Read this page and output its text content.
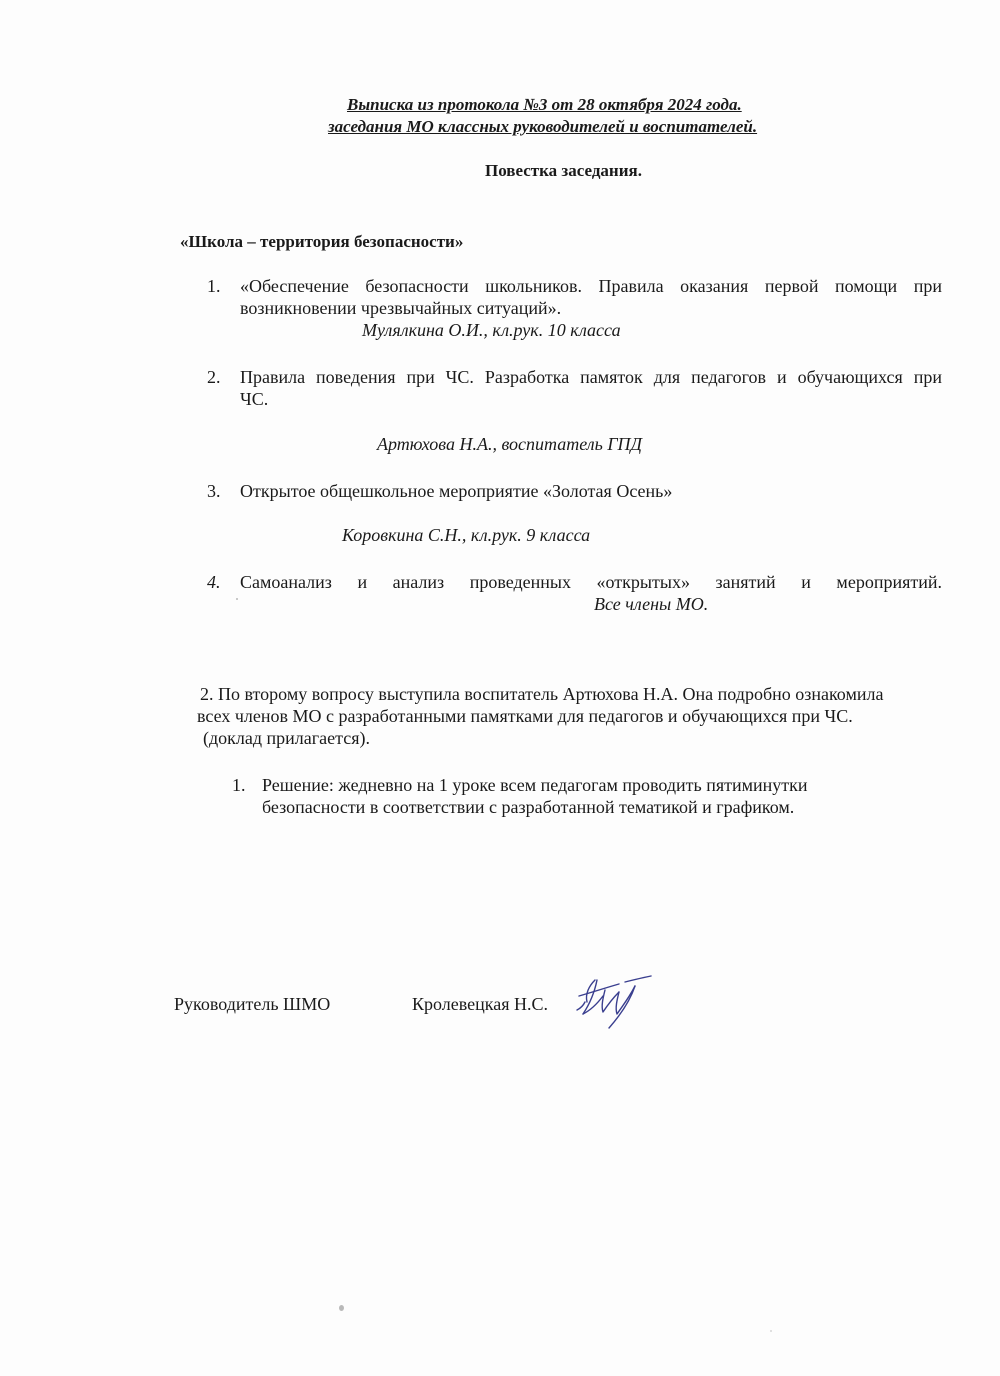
Выписка из протокола №3 от 28 октября 2024 года.
заседания МО классных руководителей и воспитателей.
Повестка заседания.
«Школа – территория безопасности»
1. «Обеспечение безопасности школьников. Правила оказания первой помощи при
возникновении чрезвычайных ситуаций».
Мулялкина О.И., кл.рук. 10 класса
2. Правила поведения при ЧС. Разработка памяток для педагогов и обучающихся при
ЧС.
Артюхова Н.А., воспитатель ГПД
3. Открытое общешкольное мероприятие «Золотая Осень»
Коровкина С.Н., кл.рук. 9 класса
4. Самоанализ и анализ проведенных «открытых» занятий и мероприятий.
Все члены МО.
2. По второму вопросу выступила воспитатель Артюхова Н.А. Она подробно ознакомила
всех членов МО с разработанными памятками для педагогов и обучающихся при ЧС.
(доклад прилагается).
1. Решение: жедневно на 1 уроке всем педагогам проводить пятиминутки
безопасности в соответствии с разработанной тематикой и графиком.
Руководитель ШМО	Кролевецкая Н.С.
